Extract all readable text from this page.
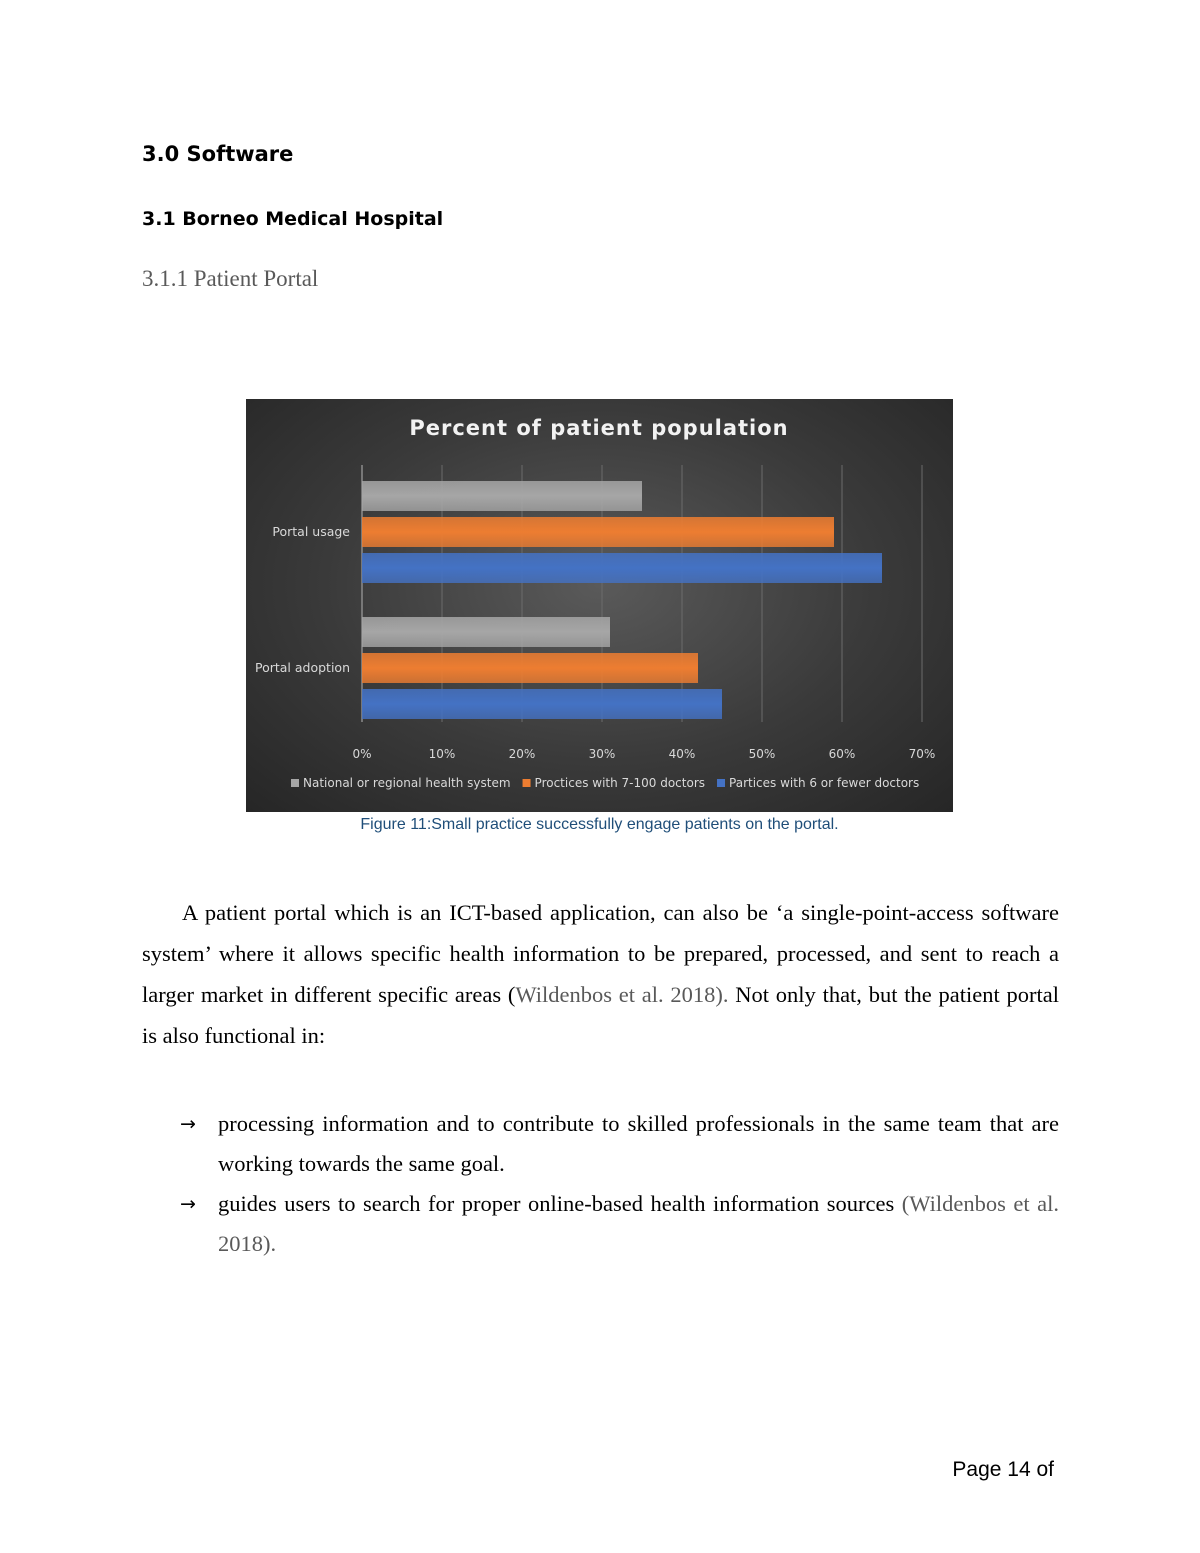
3.0 Software
3.1 Borneo Medical Hospital
3.1.1 Patient Portal
Percent of patient population
0%	10%	20%	30%	40%	50%	60%	70%
Portal usage
Portal adoption
National or regional health system Proctices with 7-100 doctors Partices with 6 or fewer doctors
Figure 11:Small practice successfully engage patients on the portal.

A patient portal which is an ICT-based application, can also be ‘a single-point-access software system’ where it allows specific health information to be prepared, processed, and sent to reach a larger market in different specific areas (Wildenbos et al. 2018). Not only that, but the patient portal is also functional in:

→ processing information and to contribute to skilled professionals in the same team that are working towards the same goal.
→ guides users to search for proper online-based health information sources (Wildenbos et al. 2018).
Page 14 of
